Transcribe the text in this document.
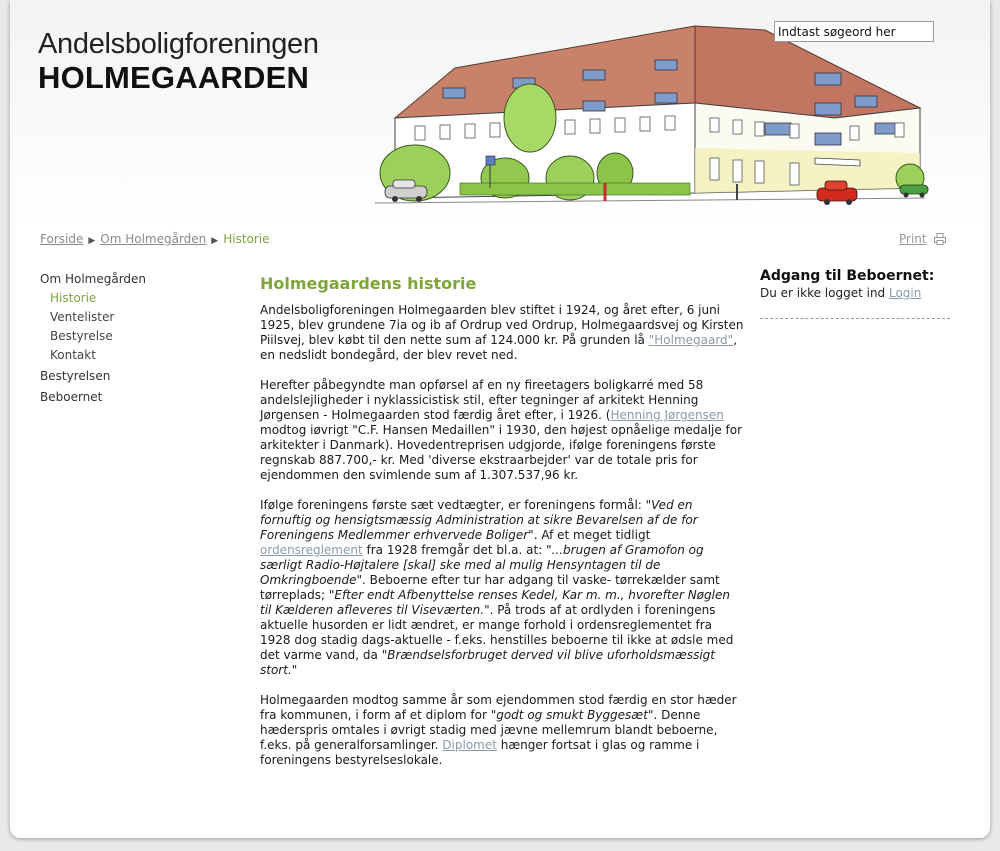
Andelsboligforeningen
HOLMEGAARDEN
Indtast søgeord her
Forside ▶ Om Holmegården ▶ Historie	Print
Om Holmegården
Historie
Ventelister
Bestyrelse
Kontakt
Bestyrelsen
Beboernet
Holmegaardens historie

Andelsboligforeningen Holmegaarden blev stiftet i 1924, og året efter, 6 juni 1925, blev grundene 7ia og ib af Ordrup ved Ordrup, Holmegaardsvej og Kirsten Piilsvej, blev købt til den nette sum af 124.000 kr. På grunden lå "Holmegaard", en nedslidt bondegård, der blev revet ned.

Herefter påbegyndte man opførsel af en ny fireetagers boligkarré med 58 andelslejligheder i nyklassicistisk stil, efter tegninger af arkitekt Henning Jørgensen - Holmegaarden stod færdig året efter, i 1926. (Henning Jørgensen modtog iøvrigt "C.F. Hansen Medaillen" i 1930, den højest opnåelige medalje for arkitekter i Danmark). Hovedentreprisen udgjorde, ifølge foreningens første regnskab 887.700,- kr. Med 'diverse ekstraarbejder' var de totale pris for ejendommen den svimlende sum af 1.307.537,96 kr.

Ifølge foreningens første sæt vedtægter, er foreningens formål: "Ved en fornuftig og hensigtsmæssig Administration at sikre Bevarelsen af de for Foreningens Medlemmer erhvervede Boliger". Af et meget tidligt ordensreglement fra 1928 fremgår det bl.a. at: "...brugen af Gramofon og særligt Radio-Højtalere [skal] ske med al mulig Hensyntagen til de Omkringboende". Beboerne efter tur har adgang til vaske- tørrekælder samt tørreplads; "Efter endt Afbenyttelse renses Kedel, Kar m. m., hvorefter Nøglen til Kælderen afleveres til Viseværten.". På trods af at ordlyden i foreningens aktuelle husorden er lidt ændret, er mange forhold i ordensreglementet fra 1928 dog stadig dags-aktuelle - f.eks. henstilles beboerne til ikke at ødsle med det varme vand, da "Brændselsforbruget derved vil blive uforholdsmæssigt stort."

Holmegaarden modtog samme år som ejendommen stod færdig en stor hæder fra kommunen, i form af et diplom for "godt og smukt Byggesæt". Denne hæderspris omtales i øvrigt stadig med jævne mellemrum blandt beboerne, f.eks. på generalforsamlinger. Diplomet hænger fortsat i glas og ramme i foreningens bestyrelseslokale.

Adgang til Beboernet:
Du er ikke logget ind Login
